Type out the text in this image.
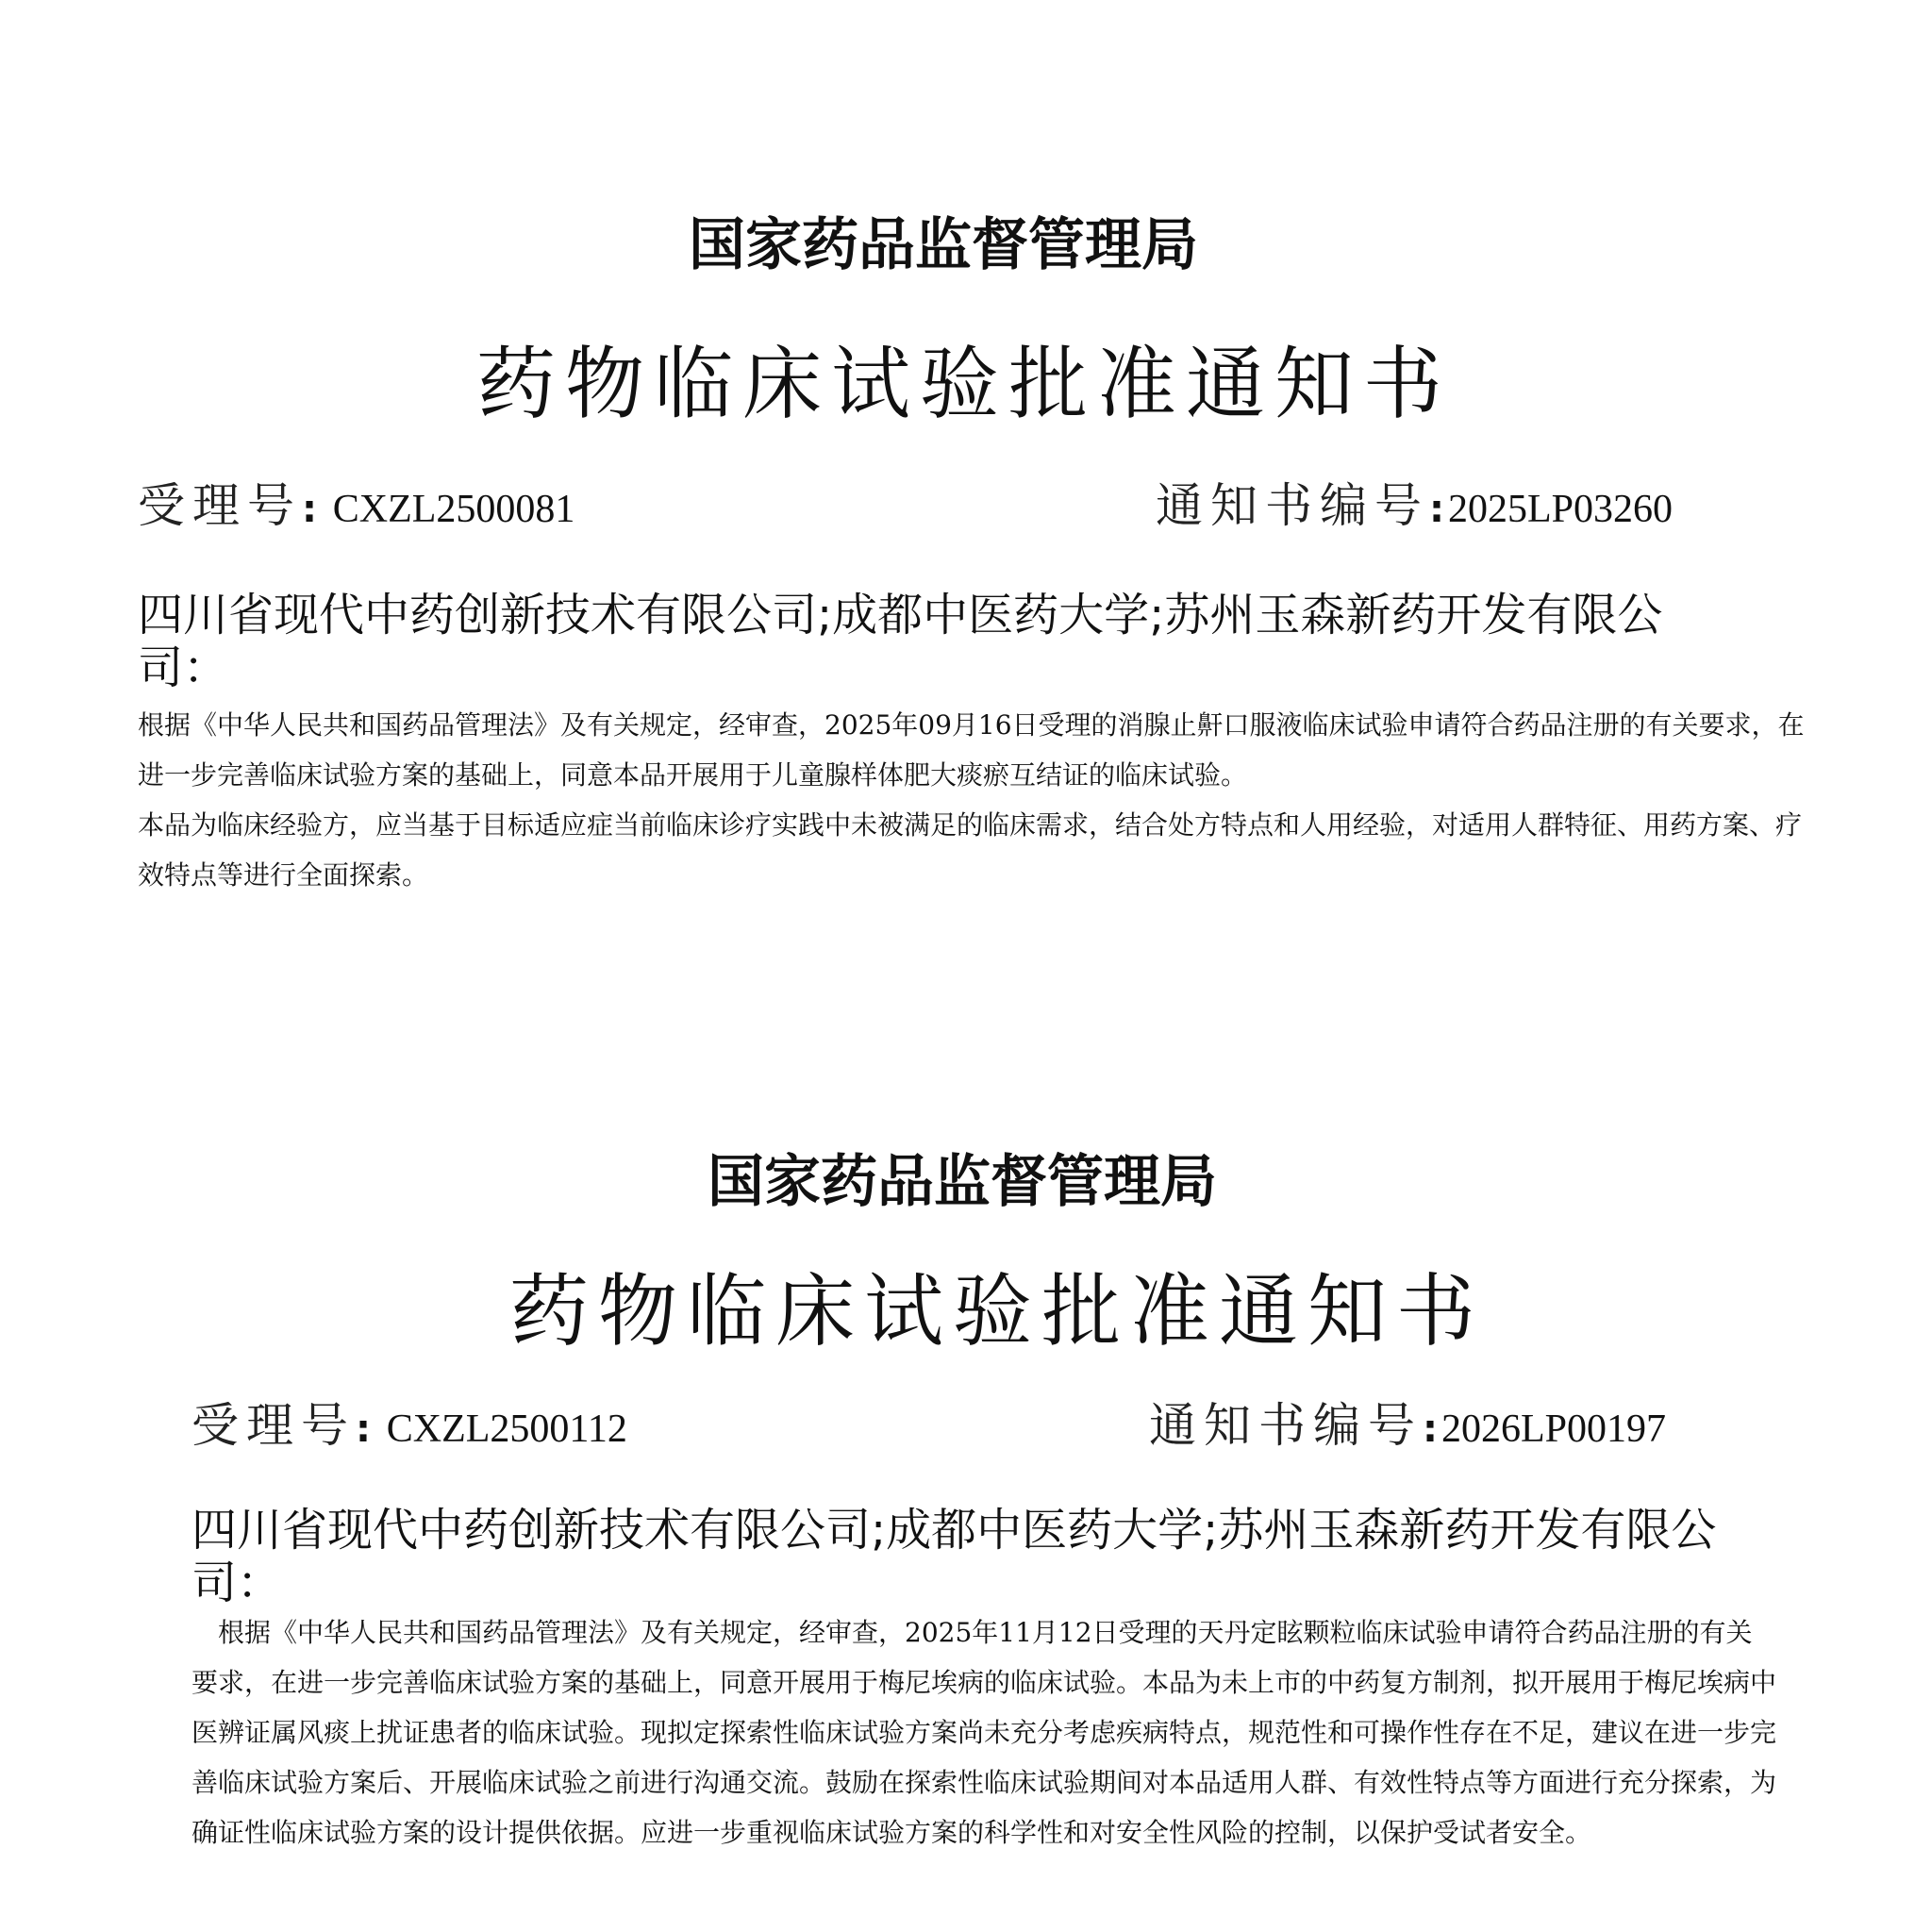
国家药品监督管理局
药物临床试验批准通知书
受理号: CXZL2500081	通知书编号:2025LP03260
四川省现代中药创新技术有限公司;成都中医药大学;苏州玉森新药开发有限公
司：

根据《中华人民共和国药品管理法》及有关规定，经审查，2025年09月16日受理的消腺止鼾口服液临床试验申请符合药品注册的有关要求，在进一步完善临床试验方案的基础上，同意本品开展用于儿童腺样体肥大痰瘀互结证的临床试验。

本品为临床经验方，应当基于目标适应症当前临床诊疗实践中未被满足的临床需求，结合处方特点和人用经验，对适用人群特征、用药方案、疗效特点等进行全面探索。

国家药品监督管理局
药物临床试验批准通知书
受理号: CXZL2500112	通知书编号:2026LP00197
四川省现代中药创新技术有限公司;成都中医药大学;苏州玉森新药开发有限公
司：

根据《中华人民共和国药品管理法》及有关规定，经审查，2025年11月12日受理的天丹定眩颗粒临床试验申请符合药品注册的有关要求，在进一步完善临床试验方案的基础上，同意开展用于梅尼埃病的临床试验。本品为未上市的中药复方制剂，拟开展用于梅尼埃病中医辨证属风痰上扰证患者的临床试验。现拟定探索性临床试验方案尚未充分考虑疾病特点，规范性和可操作性存在不足，建议在进一步完善临床试验方案后、开展临床试验之前进行沟通交流。鼓励在探索性临床试验期间对本品适用人群、有效性特点等方面进行充分探索，为确证性临床试验方案的设计提供依据。应进一步重视临床试验方案的科学性和对安全性风险的控制，以保护受试者安全。
